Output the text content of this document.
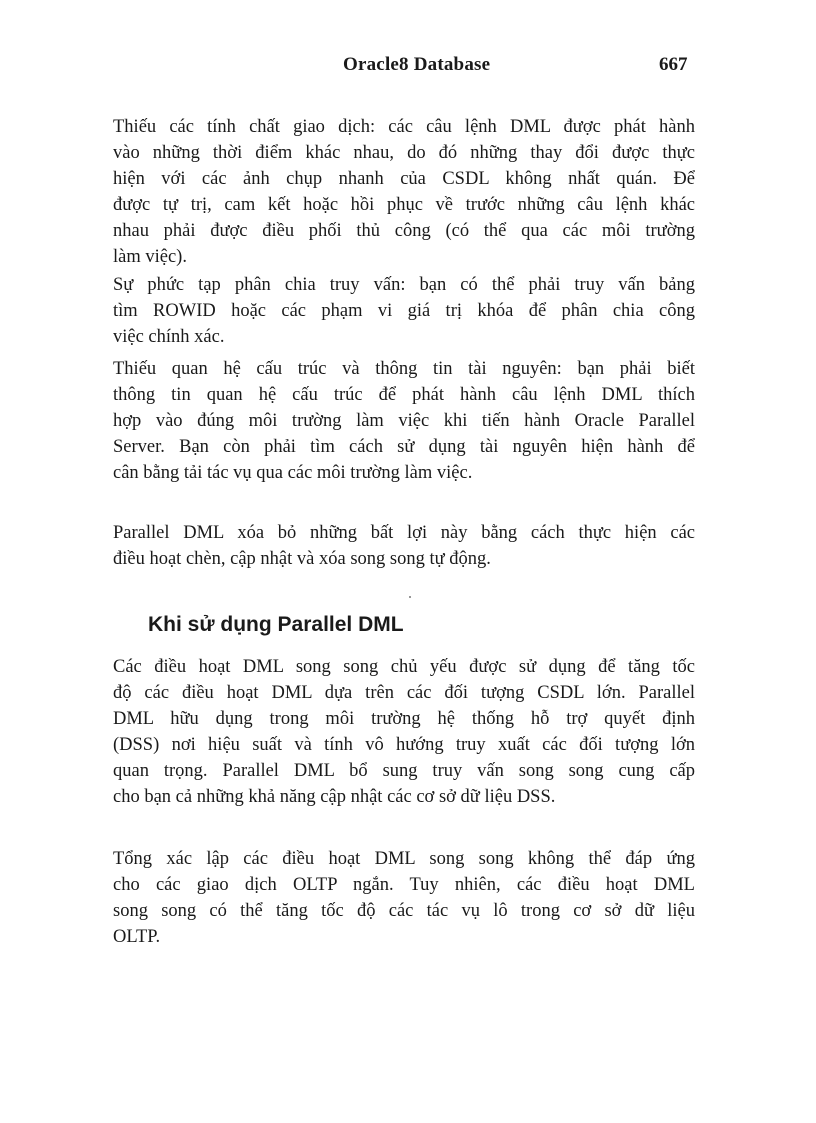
Oracle8 Database	667
Thiếu các tính chất giao dịch: các câu lệnh DML được phát hành
vào những thời điểm khác nhau, do đó những thay đổi được thực
hiện với các ảnh chụp nhanh của CSDL không nhất quán. Để
được tự trị, cam kết hoặc hồi phục về trước những câu lệnh khác
nhau phải được điều phối thủ công (có thể qua các môi trường
làm việc).
Sự phức tạp phân chia truy vấn: bạn có thể phải truy vấn bảng
tìm ROWID hoặc các phạm vi giá trị khóa để phân chia công
việc chính xác.
Thiếu quan hệ cấu trúc và thông tin tài nguyên: bạn phải biết
thông tin quan hệ cấu trúc để phát hành câu lệnh DML thích
hợp vào đúng môi trường làm việc khi tiến hành Oracle Parallel
Server. Bạn còn phải tìm cách sử dụng tài nguyên hiện hành để
cân bằng tải tác vụ qua các môi trường làm việc.
Parallel DML xóa bỏ những bất lợi này bằng cách thực hiện các
điều hoạt chèn, cập nhật và xóa song song tự động.
Khi sử dụng Parallel DML
Các điều hoạt DML song song chủ yếu được sử dụng để tăng tốc
độ các điều hoạt DML dựa trên các đối tượng CSDL lớn. Parallel
DML hữu dụng trong môi trường hệ thống hỗ trợ quyết định
(DSS) nơi hiệu suất và tính vô hướng truy xuất các đối tượng lớn
quan trọng. Parallel DML bổ sung truy vấn song song cung cấp
cho bạn cả những khả năng cập nhật các cơ sở dữ liệu DSS.
Tổng xác lập các điều hoạt DML song song không thể đáp ứng
cho các giao dịch OLTP ngắn. Tuy nhiên, các điều hoạt DML
song song có thể tăng tốc độ các tác vụ lô trong cơ sở dữ liệu
OLTP.
